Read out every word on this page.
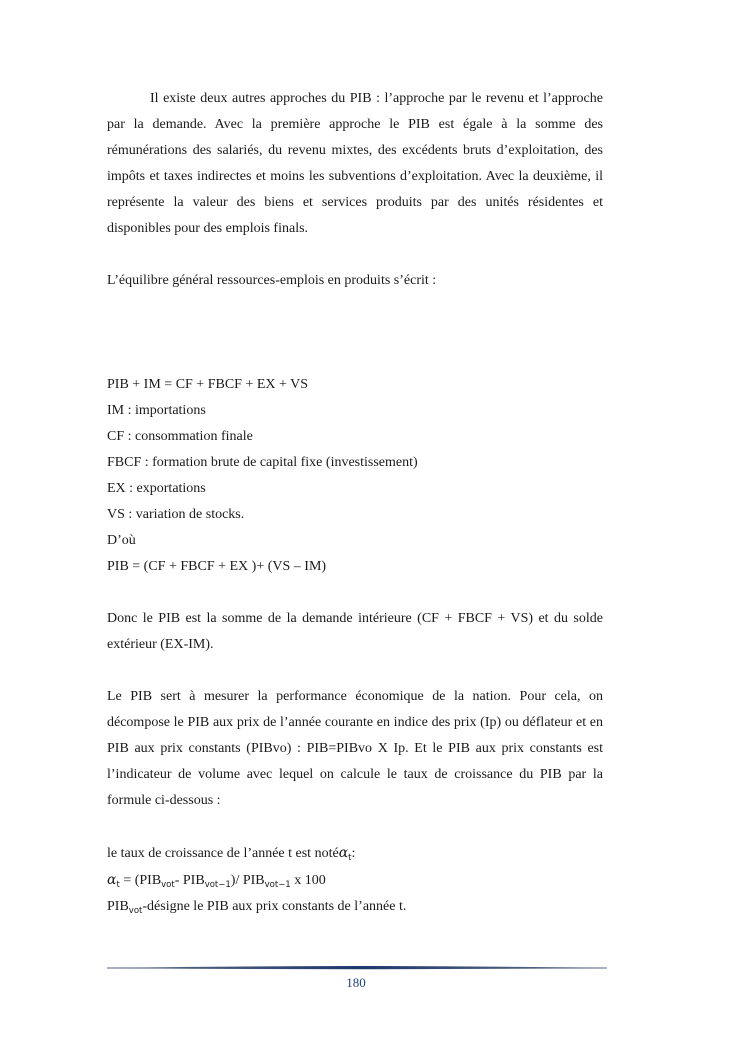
Il existe deux autres approches du PIB : l’approche par le revenu et l’approche par la demande. Avec la première approche le PIB est égale à la somme des rémunérations des salariés, du revenu mixtes, des excédents bruts d’exploitation, des impôts et taxes indirectes et moins les subventions d’exploitation. Avec la deuxième, il représente la valeur des biens et services produits par des unités résidentes et disponibles pour des emplois finals.

L’équilibre général ressources-emplois en produits s’écrit :

PIB + IM = CF + FBCF + EX + VS

IM : importations

CF : consommation finale

FBCF : formation brute de capital fixe (investissement)

EX : exportations

VS : variation de stocks.

D’où

PIB = (CF + FBCF + EX )+ (VS – IM)

Donc le PIB est la somme de la demande intérieure (CF + FBCF + VS) et du solde extérieur (EX-IM).

Le PIB sert à mesurer la performance économique de la nation. Pour cela, on décompose le PIB aux prix de l’année courante en indice des prix (Ip) ou déflateur et en PIB aux prix constants (PIBvo) : PIB=PIBvo X Ip. Et le PIB aux prix constants est l’indicateur de volume avec lequel on calcule le taux de croissance du PIB par la formule ci-dessous :

le taux de croissance de l’année t est notéα$_t$:

$\alpha_t = (PIB_{vot}-$ $PIB_{vot-1})/$ $PIB_{vot-1}$ x 100

$PIB_{vot}$-désigne le PIB aux prix constants de l’année t.

180
